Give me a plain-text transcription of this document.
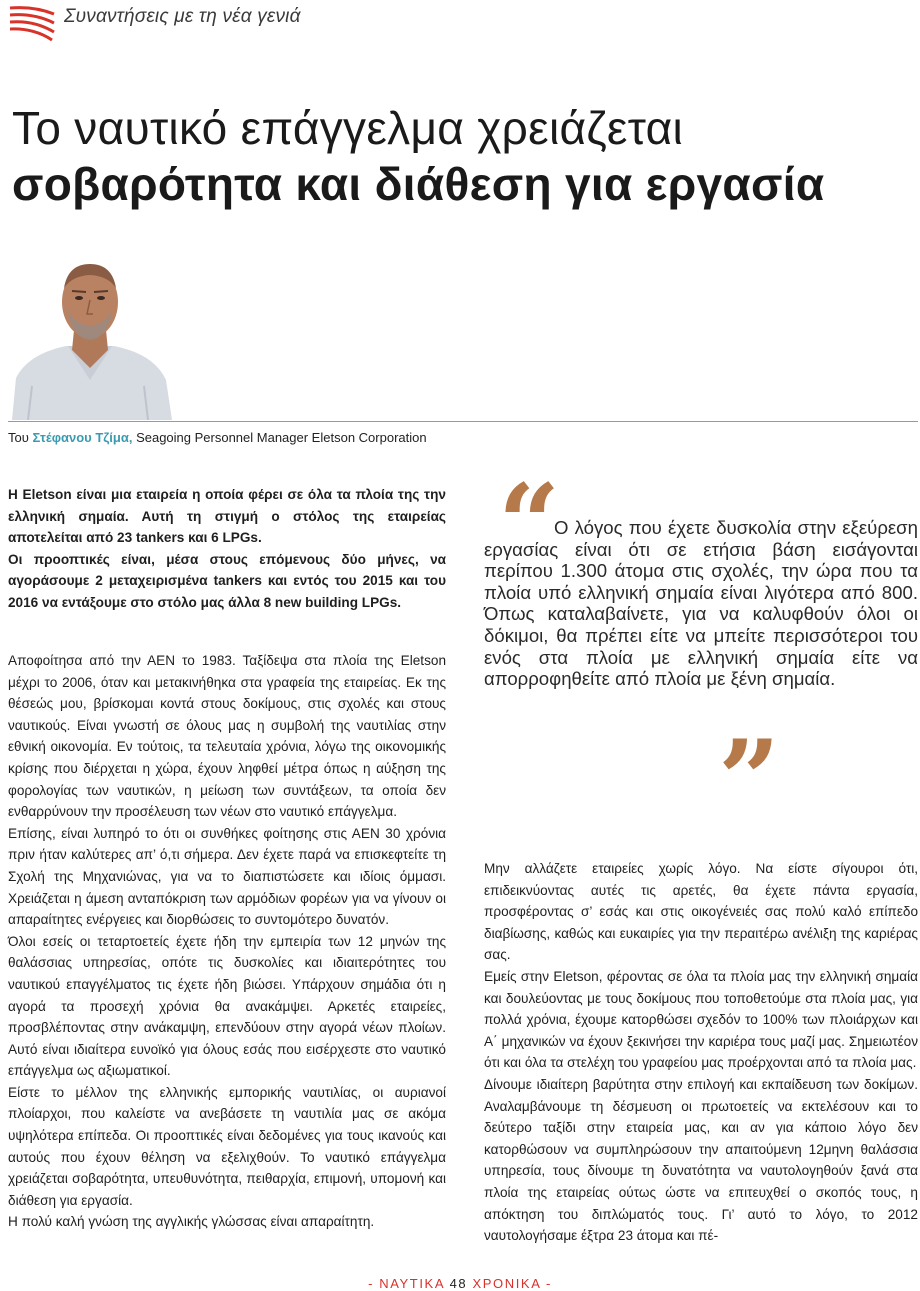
Συναντήσεις με τη νέα γενιά
Το ναυτικό επάγγελμα χρειάζεται
σοβαρότητα και διάθεση για εργασία
Του Στέφανου Τζίμα, Seagoing Personnel Manager Eletson Corporation

Η Eletson είναι μια εταιρεία η οποία φέρει σε όλα τα πλοία της την ελληνική σημαία. Αυτή τη στιγμή ο στόλος της εταιρείας αποτελείται από 23 tankers και 6 LPGs.

Οι προοπτικές είναι, μέσα στους επόμενους δύο μήνες, να αγοράσουμε 2 μεταχειρισμένα tankers και εντός του 2015 και του 2016 να εντάξουμε στο στόλο μας άλλα 8 new building LPGs.

Αποφοίτησα από την ΑΕΝ το 1983. Ταξίδεψα στα πλοία της Eletson μέχρι το 2006, όταν και μετακινήθηκα στα γραφεία της εταιρείας. Εκ της θέσεώς μου, βρίσκομαι κοντά στους δοκίμους, στις σχολές και στους ναυτικούς. Είναι γνωστή σε όλους μας η συμβολή της ναυτιλίας στην εθνική οικονομία. Εν τούτοις, τα τελευταία χρόνια, λόγω της οικονομικής κρίσης που διέρχεται η χώρα, έχουν ληφθεί μέτρα όπως η αύξηση της φορολογίας των ναυτικών, η μείωση των συντάξεων, τα οποία δεν ενθαρρύνουν την προσέλευση των νέων στο ναυτικό επάγγελμα.

Επίσης, είναι λυπηρό το ότι οι συνθήκες φοίτησης στις ΑΕΝ 30 χρόνια πριν ήταν καλύτερες απ’ ό,τι σήμερα. Δεν έχετε παρά να επισκεφτείτε τη Σχολή της Μηχανιώνας, για να το διαπιστώσετε και ιδίοις όμμασι. Χρειάζεται η άμεση ανταπόκριση των αρμόδιων φορέων για να γίνουν οι απαραίτητες ενέργειες και διορθώσεις το συντομότερο δυνατόν.

Όλοι εσείς οι τεταρτοετείς έχετε ήδη την εμπειρία των 12 μηνών της θαλάσσιας υπηρεσίας, οπότε τις δυσκολίες και ιδιαιτερότητες του ναυτικού επαγγέλματος τις έχετε ήδη βιώσει. Υπάρχουν σημάδια ότι η αγορά τα προσεχή χρόνια θα ανακάμψει. Αρκετές εταιρείες, προσβλέποντας στην ανάκαμψη, επενδύουν στην αγορά νέων πλοίων. Αυτό είναι ιδιαίτερα ευνοϊκό για όλους εσάς που εισέρχεστε στο ναυτικό επάγγελμα ως αξιωματικοί.

Είστε το μέλλον της ελληνικής εμπορικής ναυτιλίας, οι αυριανοί πλοίαρχοι, που καλείστε να ανεβάσετε τη ναυτιλία μας σε ακόμα υψηλότερα επίπεδα. Οι προοπτικές είναι δεδομένες για τους ικανούς και αυτούς που έχουν θέληση να εξελιχθούν. Το ναυτικό επάγγελμα χρειάζεται σοβαρότητα, υπευθυνότητα, πειθαρχία, επιμονή, υπομονή και διάθεση για εργασία.

Η πολύ καλή γνώση της αγγλικής γλώσσας είναι απαραίτητη.

“

Ο λόγος που έχετε δυσκολία στην εξεύρεση εργασίας είναι ότι σε ετήσια βάση εισάγονται περίπου 1.300 άτομα στις σχολές, την ώρα που τα πλοία υπό ελληνική σημαία είναι λιγότερα από 800. Όπως καταλαβαίνετε, για να καλυφθούν όλοι οι δόκιμοι, θα πρέπει είτε να μπείτε περισσότεροι του ενός στα πλοία με ελληνική σημαία είτε να απορροφηθείτε από πλοία με ξένη σημαία.

”

Μην αλλάζετε εταιρείες χωρίς λόγο. Να είστε σίγουροι ότι, επιδεικνύοντας αυτές τις αρετές, θα έχετε πάντα εργασία, προσφέροντας σ’ εσάς και στις οικογένειές σας πολύ καλό επίπεδο διαβίωσης, καθώς και ευκαιρίες για την περαιτέρω ανέλιξη της καριέρας σας.

Εμείς στην Eletson, φέροντας σε όλα τα πλοία μας την ελληνική σημαία και δουλεύοντας με τους δοκίμους που τοποθετούμε στα πλοία μας, για πολλά χρόνια, έχουμε κατορθώσει σχεδόν το 100% των πλοιάρχων και Α΄ μηχανικών να έχουν ξεκινήσει την καριέρα τους μαζί μας. Σημειωτέον ότι και όλα τα στελέχη του γραφείου μας προέρχονται από τα πλοία μας.

Δίνουμε ιδιαίτερη βαρύτητα στην επιλογή και εκπαίδευση των δοκίμων. Αναλαμβάνουμε τη δέσμευση οι πρωτοετείς να εκτελέσουν και το δεύτερο ταξίδι στην εταιρεία μας, και αν για κάποιο λόγο δεν κατορθώσουν να συμπληρώσουν την απαιτούμενη 12μηνη θαλάσσια υπηρεσία, τους δίνουμε τη δυνατότητα να ναυτολογηθούν ξανά στα πλοία της εταιρείας ούτως ώστε να επιτευχθεί ο σκοπός τους, η απόκτηση του διπλώματός τους. Γι’ αυτό το λόγο, το 2012 ναυτολογήσαμε έξτρα 23 άτομα και πέ-

- ΝΑΥΤΙΚΑ 48 ΧΡΟΝΙΚΑ -
